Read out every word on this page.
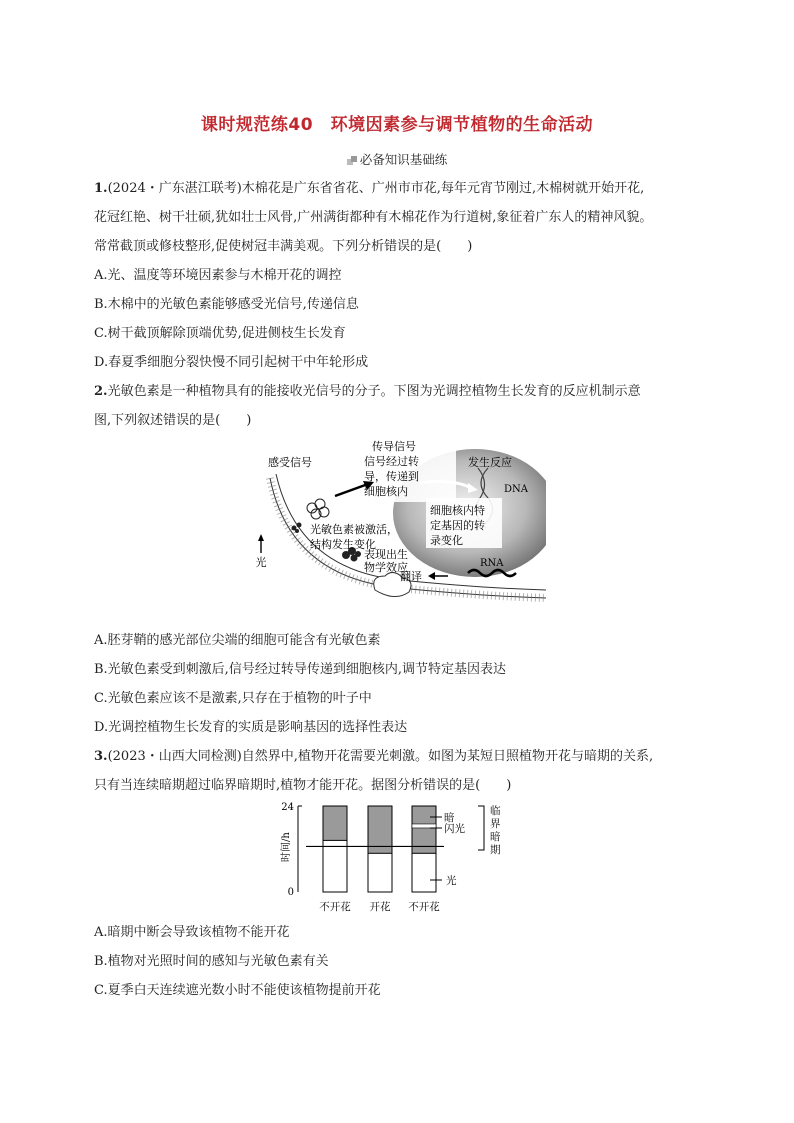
课时规范练40　环境因素参与调节植物的生命活动
必备知识基础练
1.(2024・广东湛江联考)木棉花是广东省省花、广州市市花,每年元宵节刚过,木棉树就开始开花,
花冠红艳、树干壮硕,犹如壮士风骨,广州满街都种有木棉花作为行道树,象征着广东人的精神风貌。
常常截顶或修枝整形,促使树冠丰满美观。下列分析错误的是(　　)
A.光、温度等环境因素参与木棉开花的调控
B.木棉中的光敏色素能够感受光信号,传递信息
C.树干截顶解除顶端优势,促进侧枝生长发育
D.春夏季细胞分裂快慢不同引起树干中年轮形成
2.光敏色素是一种植物具有的能接收光信号的分子。下图为光调控植物生长发育的反应机制示意
图,下列叙述错误的是(　　)
感受信号
光
传导信号
信号经过转
导，传递到
细胞核内
发生反应
DNA
光敏色素被激活，
结构发生变化
细胞核内特
定基因的转
录变化
表现出生
物学效应
翻译
RNA
A.胚芽鞘的感光部位尖端的细胞可能含有光敏色素
B.光敏色素受到刺激后,信号经过转导传递到细胞核内,调节特定基因表达
C.光敏色素应该不是激素,只存在于植物的叶子中
D.光调控植物生长发育的实质是影响基因的选择性表达
3.(2023・山西大同检测)自然界中,植物开花需要光刺激。如图为某短日照植物开花与暗期的关系,
只有当连续暗期超过临界暗期时,植物才能开花。据图分析错误的是(　　)
24
0
时间/h
不开花 开花 不开花
暗
闪光
光
临
界
暗
期
A.暗期中断会导致该植物不能开花
B.植物对光照时间的感知与光敏色素有关
C.夏季白天连续遮光数小时不能使该植物提前开花
